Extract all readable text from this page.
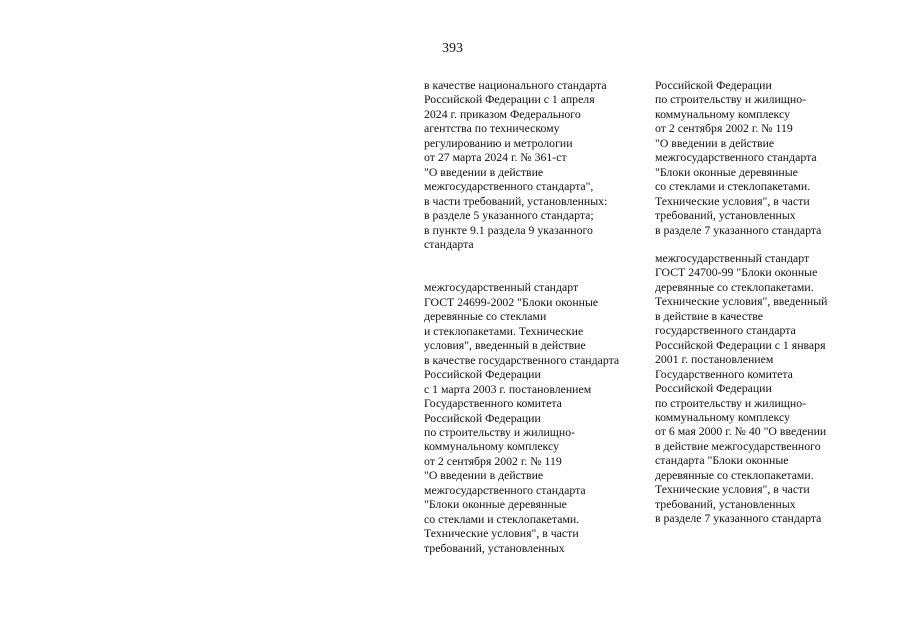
393
в качестве национального стандарта
Российской Федерации с 1 апреля
2024 г. приказом Федерального
агентства по техническому
регулированию и метрологии
от 27 марта 2024 г. № 361-ст
"О введении в действие
межгосударственного стандарта",
в части требований, установленных:
в разделе 5 указанного стандарта;
в пункте 9.1 раздела 9 указанного
стандарта
межгосударственный стандарт
ГОСТ 24699-2002 "Блоки оконные
деревянные со стеклами
и стеклопакетами. Технические
условия", введенный в действие
в качестве государственного стандарта
Российской Федерации
с 1 марта 2003 г. постановлением
Государственного комитета
Российской Федерации
по строительству и жилищно-
коммунальному комплексу
от 2 сентября 2002 г. № 119
"О введении в действие
межгосударственного стандарта
"Блоки оконные деревянные
со стеклами и стеклопакетами.
Технические условия", в части
требований, установленных
Российской Федерации
по строительству и жилищно-
коммунальному комплексу
от 2 сентября 2002 г. № 119
"О введении в действие
межгосударственного стандарта
"Блоки оконные деревянные
со стеклами и стеклопакетами.
Технические условия", в части
требований, установленных
в разделе 7 указанного стандарта
межгосударственный стандарт
ГОСТ 24700-99 "Блоки оконные
деревянные со стеклопакетами.
Технические условия", введенный
в действие в качестве
государственного стандарта
Российской Федерации с 1 января
2001 г. постановлением
Государственного комитета
Российской Федерации
по строительству и жилищно-
коммунальному комплексу
от 6 мая 2000 г. № 40 "О введении
в действие межгосударственного
стандарта "Блоки оконные
деревянные со стеклопакетами.
Технические условия", в части
требований, установленных
в разделе 7 указанного стандарта
